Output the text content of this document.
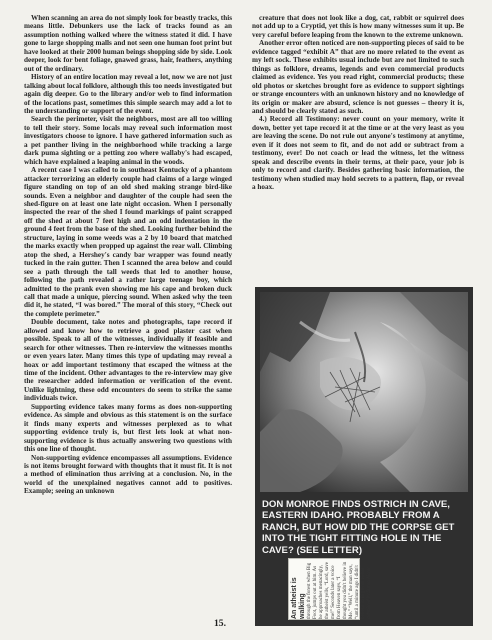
When scanning an area do not simply look for beastly tracks, this means little. Debunkers use the lack of tracks found as an assumption nothing walked where the witness stated it did. I have gone to large shopping malls and not seen one human foot print but have looked at their 2000 human beings shopping side by side. Look deeper, look for bent foliage, gnawed grass, hair, feathers, anything out of the ordinary.

History of an entire location may reveal a lot, now we are not just talking about local folklore, although this too needs investigated but again dig deeper. Go to the library and/or web to find information of the locations past, sometimes this simple search may add a lot to the understanding or support of the event.

Search the perimeter, visit the neighbors, most are all too willing to tell their story. Some locals may reveal such information most investigators choose to ignore. I have gathered information such as a pet panther living in the neighborhood while tracking a large dark puma sighting or a petting zoo where wallaby's had escaped, which have explained a leaping animal in the woods.

A recent case I was called to in southeast Kentucky of a phantom attacker terrorizing an elderly couple had claims of a large winged figure standing on top of an old shed making strange bird-like sounds. Even a neighbor and daughter of the couple had seen the shed-figure on at least one late night occasion. When I personally inspected the rear of the shed I found markings of paint scrapped off the shed at about 7 feet high and an odd indentation in the ground 4 feet from the base of the shed. Looking further behind the structure, laying in some weeds was a 2 by 10 board that matched the marks exactly when propped up against the rear wall. Climbing atop the shed, a Hershey's candy bar wrapper was found neatly tucked in the rain gutter. Then I scanned the area below and could see a path through the tall weeds that led to another house, following the path revealed a rather large teenage boy, which admitted to the prank even showing me his cape and broken duck call that made a unique, piercing sound. When asked why the teen did it, he stated, “I was bored.” The moral of this story, “Check out the complete perimeter.”

Double document, take notes and photographs, tape record if allowed and know how to retrieve a good plaster cast when possible. Speak to all of the witnesses, individually if feasible and search for other witnesses. Then re-interview the witnesses months or even years later. Many times this type of updating may reveal a hoax or add important testimony that escaped the witness at the time of the incident. Other advantages to the re-interview may give the researcher added information or verification of the event. Unlike lightning, these odd encounters do seem to strike the same individuals twice.

Supporting evidence takes many forms as does non-supporting evidence. As simple and obvious as this statement is on the surface it finds many experts and witnesses perplexed as to what supporting evidence truly is, but first lets look at what non-supporting evidence is thus actually answering two questions with this one line of thought.

Non-supporting evidence encompasses all assumptions. Evidence is not items brought forward with thoughts that it must fit. It is not a method of elimination thus arriving at a conclusion. No, in the world of the unexplained negatives cannot add to positives. Example; seeing an unknown

creature that does not look like a dog, cat, rabbit or squirrel does not add up to a Cryptid, yet this is how many witnesses sum it up. Be very careful before leaping from the known to the extreme unknown.

Another error often noticed are non-supporting pieces of said to be evidence tagged “exhibit A” that are no more related to the event as my left sock. These exhibits usual include but are not limited to such things as folklore, dreams, legends and even commercial products claimed as evidence. Yes you read right, commercial products; these old photos or sketches brought fore as evidence to support sightings or strange encounters with an unknown history and no knowledge of its origin or maker are absurd, science is not guesses – theory it is, and should be clearly stated as such.

4.) Record all Testimony: never count on your memory, write it down, better yet tape record it at the time or at the very least as you are leaving the scene. Do not rule out anyone's testimony at anytime, even if it does not seem to fit, and do not add or subtract from a testimony, ever! Do not coach or lead the witness, let the witness speak and describe events in their terms, at their pace, your job is only to record and clarify. Besides gathering basic information, the testimony when studied may hold secrets to a pattern, flap, or reveal a hoax.

DON MONROE FINDS OSTRICH IN CAVE, EASTERN IDAHO. PROBABLY FROM A RANCH, BUT HOW DID THE CORPSE GET INTO THE TIGHT FITTING HOLE IN THE CAVE? (SEE LETTER)
An atheist is walking through the forest when Big Foot, jumps out at him. As he approaches menacingly, the atheist yells, “Lord, save me!” Seconds later a voice from Heaven says, “I thought you didn't believe in Me.” “Well,” the man says, “until a minute ago I didn't believe in Big Foot either.” submitted by Susan Alcott
15.
